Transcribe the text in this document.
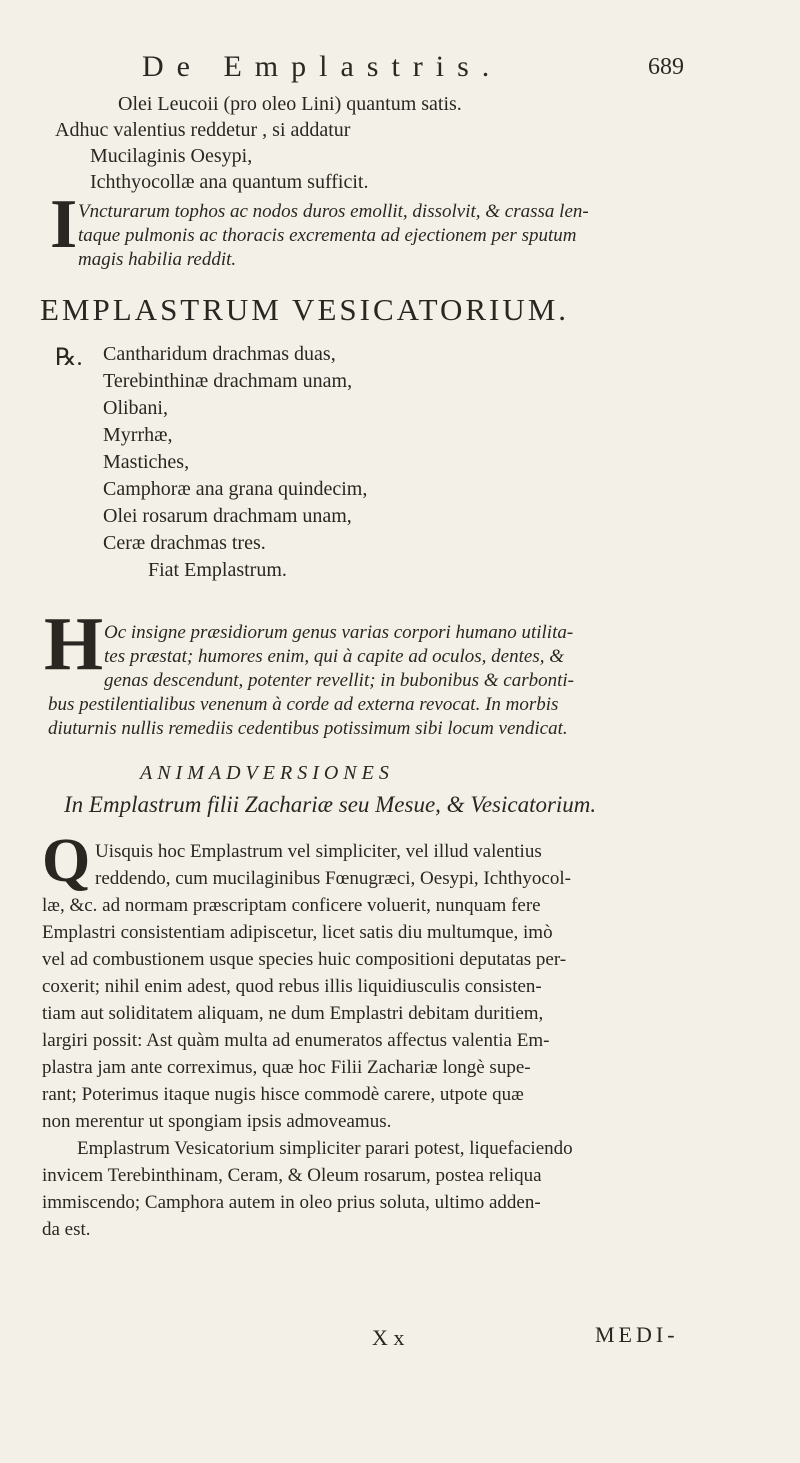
De Emplastris.	689
Olei Leucoii (pro oleo Lini) quantum satis.
Adhuc valentius reddetur , si addatur
Mucilaginis Oesypi,
Ichthyocollæ ana quantum sufficit.
I Vncturarum tophos ac nodos duros emollit, dissolvit, & crassa len-
taque pulmonis ac thoracis excrementa ad ejectionem per sputum
magis habilia reddit.
EMPLASTRUM VESICATORIUM.
℞. Cantharidum drachmas duas,
Terebinthinæ drachmam unam,
Olibani,
Myrrhæ,
Mastiches,
Camphoræ ana grana quindecim,
Olei rosarum drachmam unam,
Ceræ drachmas tres.
Fiat Emplastrum.
H Oc insigne præsidiorum genus varias corpori humano utilita-
tes præstat; humores enim, qui à capite ad oculos, dentes, &
genas descendunt, potenter revellit; in bubonibus & carbonti-
bus pestilentialibus venenum à corde ad externa revocat. In morbis
diuturnis nullis remediis cedentibus potissimum sibi locum vendicat.
ANIMADVERSIONES
In Emplastrum filii Zachariæ seu Mesue, & Vesicatorium.
Q Uisquis hoc Emplastrum vel simpliciter, vel illud valentius
reddendo, cum mucilaginibus Fœnugræci, Oesypi, Ichthyocol-
læ, &c. ad normam præscriptam conficere voluerit, nunquam fere
Emplastri consistentiam adipiscetur, licet satis diu multumque, imò
vel ad combustionem usque species huic compositioni deputatas per-
coxerit; nihil enim adest, quod rebus illis liquidiusculis consisten-
tiam aut soliditatem aliquam, ne dum Emplastri debitam duritiem,
largiri possit: Ast quàm multa ad enumeratos affectus valentia Em-
plastra jam ante correximus, quæ hoc Filii Zachariæ longè supe-
rant; Poterimus itaque nugis hisce commodè carere, utpote quæ
non merentur ut spongiam ipsis admoveamus.
Emplastrum Vesicatorium simpliciter parari potest, liquefaciendo
invicem Terebinthinam, Ceram, & Oleum rosarum, postea reliqua
immiscendo; Camphora autem in oleo prius soluta, ultimo adden-
da est.
X x	MEDI-
